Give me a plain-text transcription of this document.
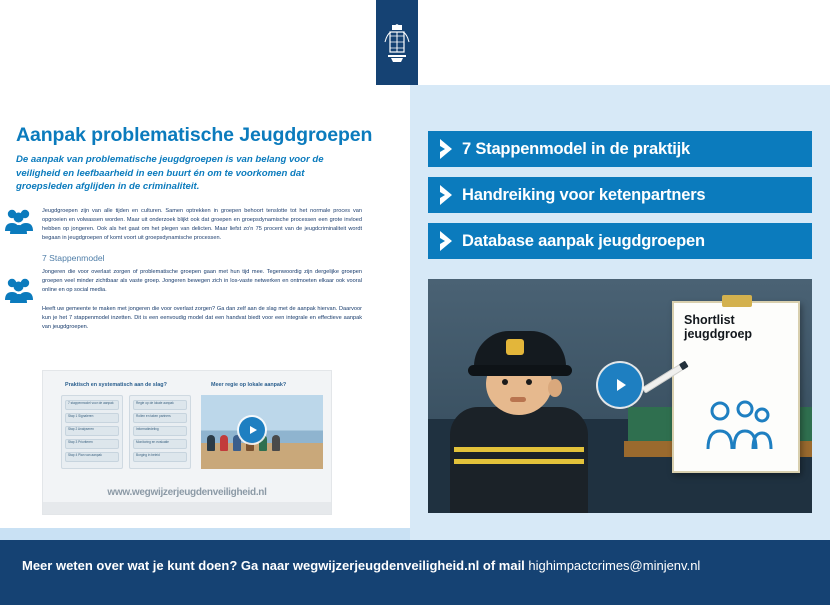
Aanpak problematische Jeugdgroepen
De aanpak van problematische jeugdgroepen is van belang voor de veiligheid en leefbaarheid in een buurt én om te voorkomen dat groepsleden afglijden in de criminaliteit.

Jeugdgroepen zijn van alle tijden en culturen. Samen optrekken in groepen behoort tenslotte tot het normale proces van opgroeien en volwassen worden. Maar uit onderzoek blijkt ook dat groepen en groepsdynamische processen een grote invloed hebben op jongeren. Ook als het gaat om het plegen van delicten. Maar liefst zo'n 75 procent van de jeugdcriminaliteit wordt begaan in jeugdgroepen of komt voort uit groepsdynamische processen.

7 Stappenmodel

Jongeren die voor overlast zorgen of problematische groepen gaan met hun tijd mee. Tegenwoordig zijn dergelijke groepen groepen veel minder zichtbaar als vaste groep. Jongeren bewegen zich in los-vaste netwerken en ontmoeten elkaar ook vooral online en op social media.

Heeft uw gemeente te maken met jongeren die voor overlast zorgen? Ga dan zelf aan de slag met de aanpak hiervan. Daarvoor kun je het 7 stappenmodel inzetten. Dit is een eenvoudig model dat een handvat biedt voor een integrale en effectieve aanpak van jeugdgroepen.

Praktisch en systematisch aan de slag?	Meer regie op lokale aanpak?
7 stappenmodel voor de aanpak
Stap 1 Signaleren
Stap 2 Analyseren
Stap 3 Prioriteren
Stap 4 Plan van aanpak
Regie op de lokale aanpak
Rollen en taken partners
Informatiedeling
Monitoring en evaluatie
Borging in beleid
www.wegwijzerjeugdenveiligheid.nl
7 Stappenmodel in de praktijk
Handreiking voor ketenpartners
Database aanpak jeugdgroepen
Shortlist jeugdgroep
Meer weten over wat je kunt doen? Ga naar wegwijzerjeugdenveiligheid.nl of mail highimpactcrimes@minjenv.nl
